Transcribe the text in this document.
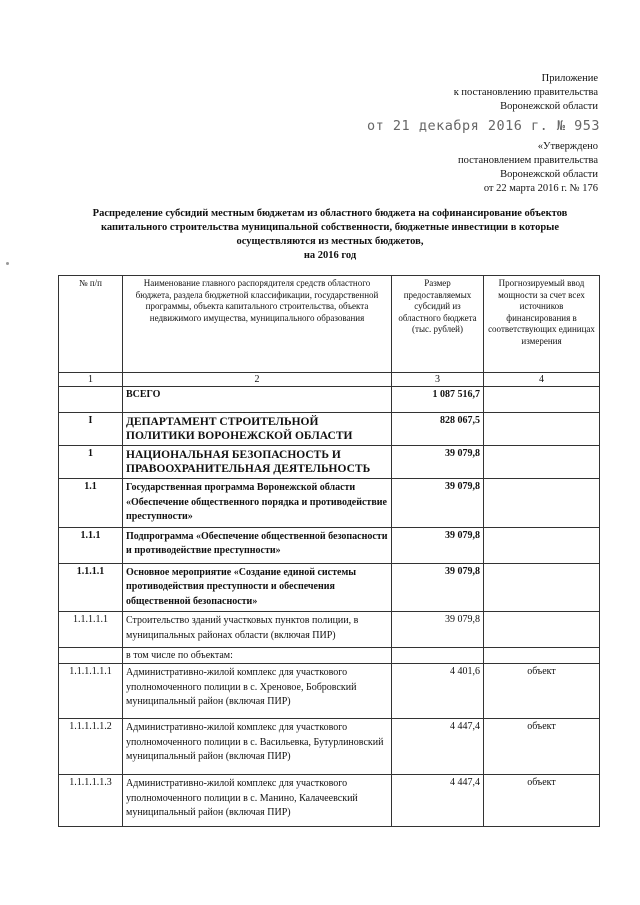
Приложение
к постановлению правительства
Воронежской области
от 21 декабря 2016 г. № 953
«Утверждено
постановлением правительства
Воронежской области
от 22 марта 2016 г. № 176
Распределение субсидий местным бюджетам из областного бюджета на софинансирование объектов
капитального строительства муниципальной собственности, бюджетные инвестиции в которые
осуществляются из местных бюджетов,
на 2016 год
№ п/п	Наименование главного распорядителя средств областного бюджета, раздела бюджетной классификации, государственной программы, объекта капитального строительства, объекта недвижимого имущества, муниципального образования	Размер предоставляемых субсидий из областного бюджета (тыс. рублей)	Прогнозируемый ввод мощности за счет всех источников финансирования в соответствующих единицах измерения
1	2	3	4
	ВСЕГО	1 087 516,7	
I	ДЕПАРТАМЕНТ СТРОИТЕЛЬНОЙ ПОЛИТИКИ ВОРОНЕЖСКОЙ ОБЛАСТИ	828 067,5	
1	НАЦИОНАЛЬНАЯ БЕЗОПАСНОСТЬ И ПРАВООХРАНИТЕЛЬНАЯ ДЕЯТЕЛЬНОСТЬ	39 079,8	
1.1	Государственная программа Воронежской области «Обеспечение общественного порядка и противодействие преступности»	39 079,8	
1.1.1	Подпрограмма «Обеспечение общественной безопасности и противодействие преступности»	39 079,8	
1.1.1.1	Основное мероприятие «Создание единой системы противодействия преступности и обеспечения общественной безопасности»	39 079,8	
1.1.1.1.1	Строительство зданий участковых пунктов полиции, в муниципальных районах области (включая ПИР)	39 079,8	
	в том числе по объектам:		
1.1.1.1.1.1	Административно-жилой комплекс для участкового уполномоченного полиции в с. Хреновое, Бобровский муниципальный район (включая ПИР)	4 401,6	объект
1.1.1.1.1.2	Административно-жилой комплекс для участкового уполномоченного полиции в с. Васильевка, Бутурлиновский муниципальный район (включая ПИР)	4 447,4	объект
1.1.1.1.1.3	Административно-жилой комплекс для участкового уполномоченного полиции в с. Манино, Калачеевский муниципальный район (включая ПИР)	4 447,4	объект
